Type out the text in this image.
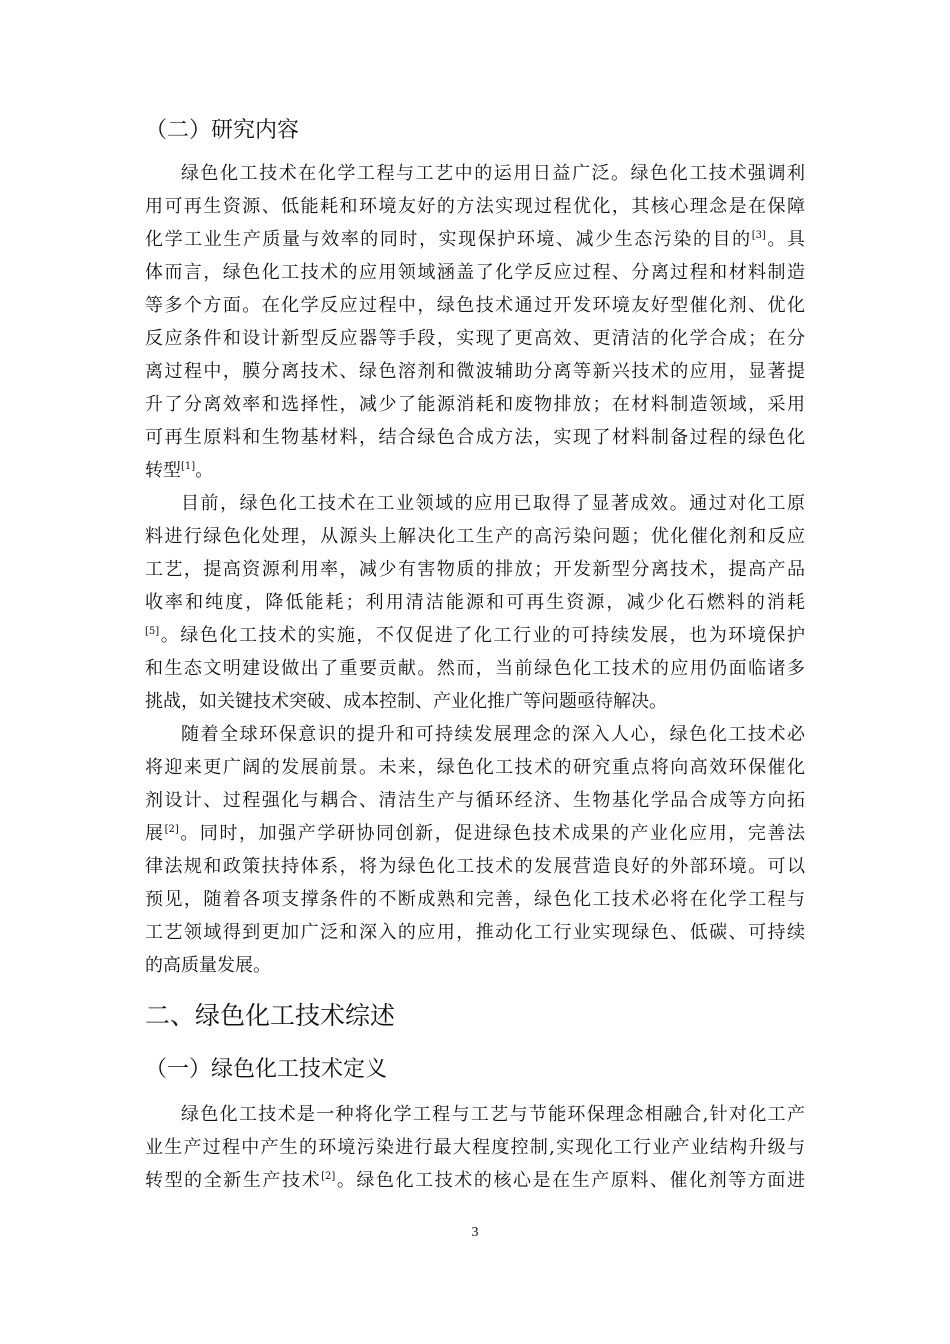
（二）研究内容
绿色化工技术在化学工程与工艺中的运用日益广泛。绿色化工技术强调利
用可再生资源、低能耗和环境友好的方法实现过程优化，其核心理念是在保障
化学工业生产质量与效率的同时，实现保护环境、减少生态污染的目的[3]。具
体而言，绿色化工技术的应用领域涵盖了化学反应过程、分离过程和材料制造
等多个方面。在化学反应过程中，绿色技术通过开发环境友好型催化剂、优化
反应条件和设计新型反应器等手段，实现了更高效、更清洁的化学合成；在分
离过程中，膜分离技术、绿色溶剂和微波辅助分离等新兴技术的应用，显著提
升了分离效率和选择性，减少了能源消耗和废物排放；在材料制造领域，采用
可再生原料和生物基材料，结合绿色合成方法，实现了材料制备过程的绿色化
转型[1]。
目前，绿色化工技术在工业领域的应用已取得了显著成效。通过对化工原
料进行绿色化处理，从源头上解决化工生产的高污染问题；优化催化剂和反应
工艺，提高资源利用率，减少有害物质的排放；开发新型分离技术，提高产品
收率和纯度，降低能耗；利用清洁能源和可再生资源，减少化石燃料的消耗
[5]。绿色化工技术的实施，不仅促进了化工行业的可持续发展，也为环境保护
和生态文明建设做出了重要贡献。然而，当前绿色化工技术的应用仍面临诸多
挑战，如关键技术突破、成本控制、产业化推广等问题亟待解决。
随着全球环保意识的提升和可持续发展理念的深入人心，绿色化工技术必
将迎来更广阔的发展前景。未来，绿色化工技术的研究重点将向高效环保催化
剂设计、过程强化与耦合、清洁生产与循环经济、生物基化学品合成等方向拓
展[2]。同时，加强产学研协同创新，促进绿色技术成果的产业化应用，完善法
律法规和政策扶持体系，将为绿色化工技术的发展营造良好的外部环境。可以
预见，随着各项支撑条件的不断成熟和完善，绿色化工技术必将在化学工程与
工艺领域得到更加广泛和深入的应用，推动化工行业实现绿色、低碳、可持续
的高质量发展。
二、绿色化工技术综述
（一）绿色化工技术定义
绿色化工技术是一种将化学工程与工艺与节能环保理念相融合,针对化工产
业生产过程中产生的环境污染进行最大程度控制,实现化工行业产业结构升级与
转型的全新生产技术[2]。绿色化工技术的核心是在生产原料、催化剂等方面进
3
